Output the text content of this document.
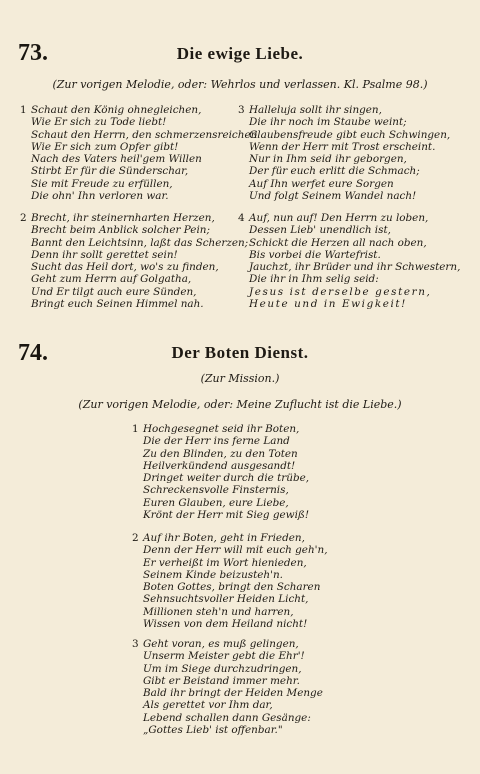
73.	Die ewige Liebe.
(Zur vorigen Melodie, oder: Wehrlos und verlassen. Kl. Psalme 98.)
1 Schaut den König ohnegleichen,
Wie Er sich zu Tode liebt!
Schaut den Herrn, den schmerzensreichen
Wie Er sich zum Opfer gibt!
Nach des Vaters heil'gem Willen
Stirbt Er für die Sünderschar,
Sie mit Freude zu erfüllen,
Die ohn' Ihn verloren war.
3 Halleluja sollt ihr singen,
Die ihr noch im Staube weint;
Glaubensfreude gibt euch Schwingen,
Wenn der Herr mit Trost erscheint.
Nur in Ihm seid ihr geborgen,
Der für euch erlitt die Schmach;
Auf Ihn werfet eure Sorgen
Und folgt Seinem Wandel nach!
2 Brecht, ihr steinernharten Herzen,
Brecht beim Anblick solcher Pein;
Bannt den Leichtsinn, laßt das Scherzen;
Denn ihr sollt gerettet sein!
Sucht das Heil dort, wo's zu finden,
Geht zum Herrn auf Golgatha,
Und Er tilgt auch eure Sünden,
Bringt euch Seinen Himmel nah.
4 Auf, nun auf! Den Herrn zu loben,
Dessen Lieb' unendlich ist,
Schickt die Herzen all nach oben,
Bis vorbei die Wartefrist.
Jauchzt, ihr Brüder und ihr Schwestern,
Die ihr in Ihm selig seid:
Jesus ist derselbe gestern,
Heute und in Ewigkeit!
74.	Der Boten Dienst.
(Zur Mission.)
(Zur vorigen Melodie, oder: Meine Zuflucht ist die Liebe.)
1 Hochgesegnet seid ihr Boten,
Die der Herr ins ferne Land
Zu den Blinden, zu den Toten
Heilverkündend ausgesandt!
Dringet weiter durch die trübe,
Schreckensvolle Finsternis,
Euren Glauben, eure Liebe,
Krönt der Herr mit Sieg gewiß!
2 Auf ihr Boten, geht in Frieden,
Denn der Herr will mit euch geh'n,
Er verheißt im Wort hienieden,
Seinem Kinde beizusteh'n.
Boten Gottes, bringt den Scharen
Sehnsuchtsvoller Heiden Licht,
Millionen steh'n und harren,
Wissen von dem Heiland nicht!
3 Geht voran, es muß gelingen,
Unserm Meister gebt die Ehr'!
Um im Siege durchzudringen,
Gibt er Beistand immer mehr.
Bald ihr bringt der Heiden Menge
Als gerettet vor Ihm dar,
Lebend schallen dann Gesänge:
„Gottes Lieb' ist offenbar."
